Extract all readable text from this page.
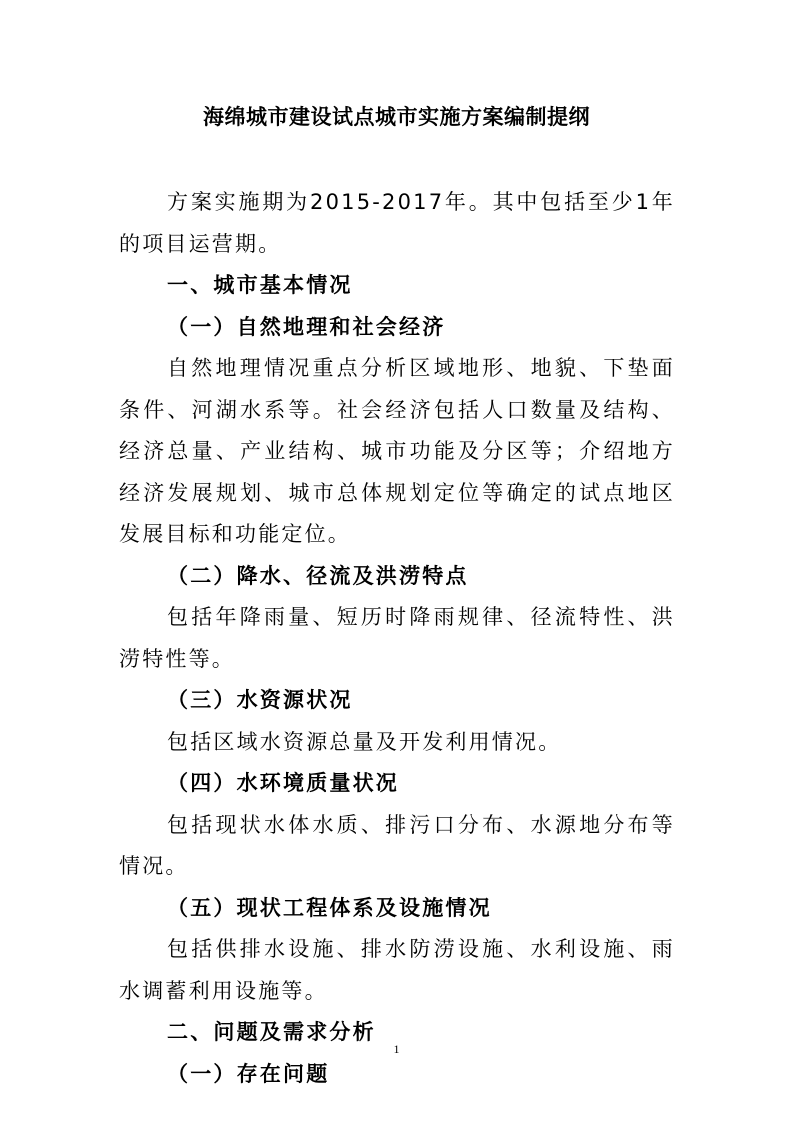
海绵城市建设试点城市实施方案编制提纲

方案实施期为2015-2017年。其中包括至少1年的项目运营期。

一、城市基本情况

（一）自然地理和社会经济

自然地理情况重点分析区域地形、地貌、下垫面条件、河湖水系等。社会经济包括人口数量及结构、经济总量、产业结构、城市功能及分区等；介绍地方经济发展规划、城市总体规划定位等确定的试点地区发展目标和功能定位。

（二）降水、径流及洪涝特点

包括年降雨量、短历时降雨规律、径流特性、洪涝特性等。

（三）水资源状况

包括区域水资源总量及开发利用情况。

（四）水环境质量状况

包括现状水体水质、排污口分布、水源地分布等情况。

（五）现状工程体系及设施情况

包括供排水设施、排水防涝设施、水利设施、雨水调蓄利用设施等。

二、问题及需求分析

（一）存在问题

1
